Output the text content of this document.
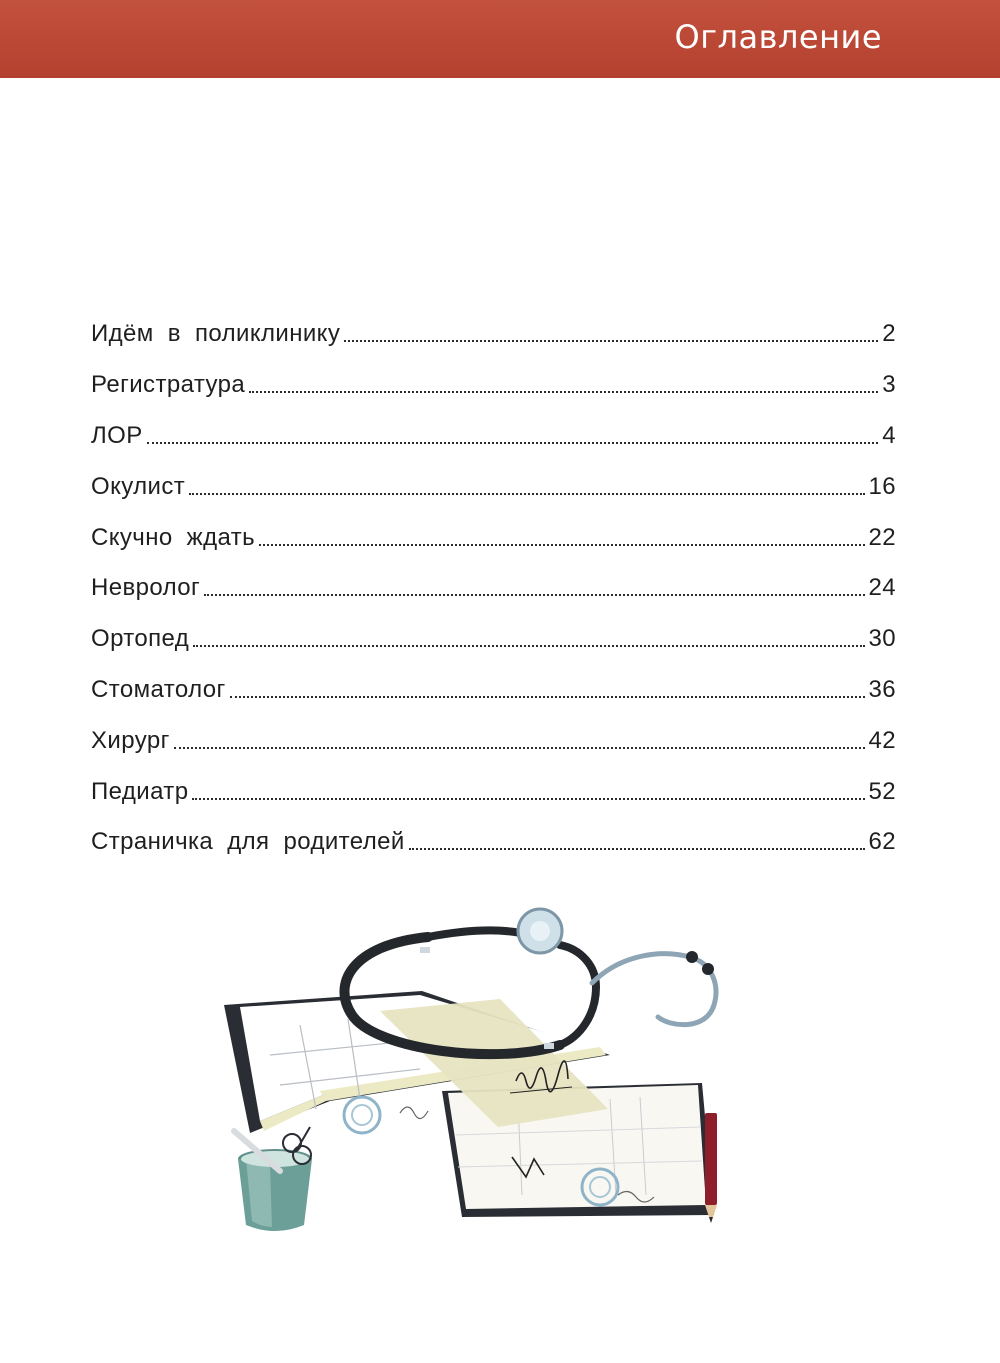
Оглавление
Идём в поликлинику	2
Регистратура	3
ЛОР	4
Окулист	16
Скучно ждать	22
Невролог	24
Ортопед	30
Стоматолог	36
Хирург	42
Педиатр	52
Страничка для родителей	62
